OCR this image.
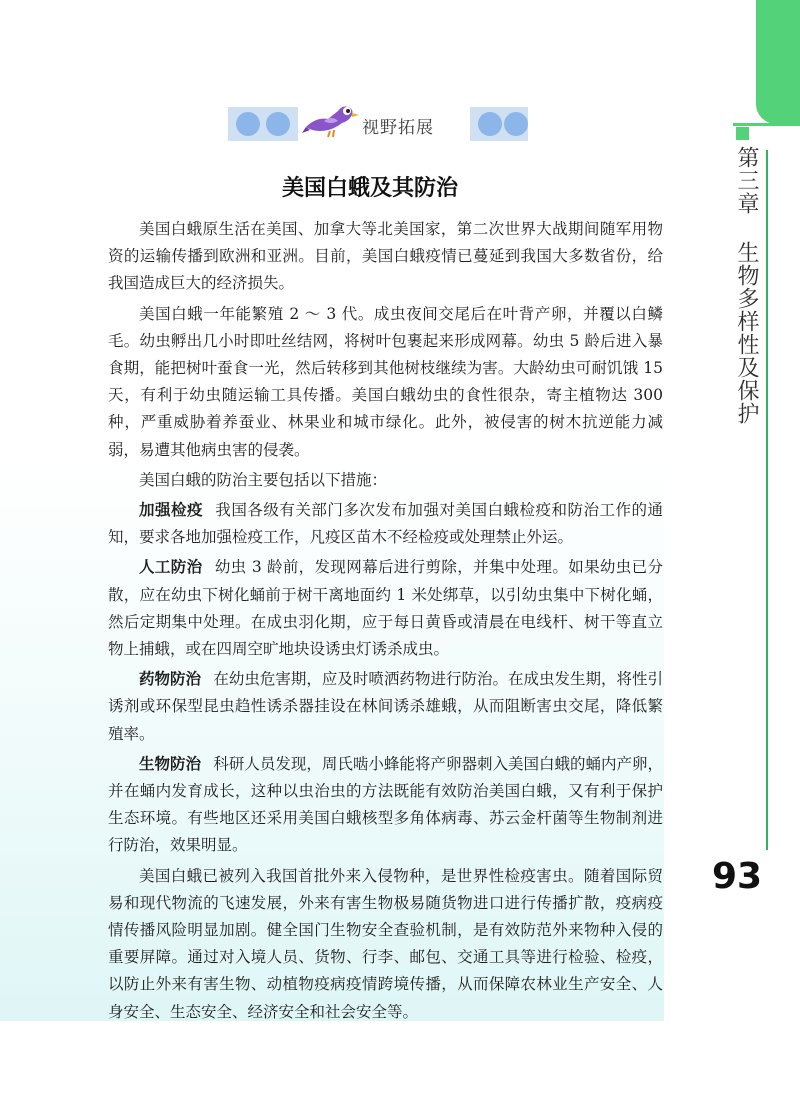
第三章 生物多样性及保护
93
视野拓展
美国白蛾及其防治

美国白蛾原生活在美国、加拿大等北美国家，第二次世界大战期间随军用物资的运输传播到欧洲和亚洲。目前，美国白蛾疫情已蔓延到我国大多数省份，给我国造成巨大的经济损失。

美国白蛾一年能繁殖 2 ～ 3 代。成虫夜间交尾后在叶背产卵，并覆以白鳞毛。幼虫孵出几小时即吐丝结网，将树叶包裹起来形成网幕。幼虫 5 龄后进入暴食期，能把树叶蚕食一光，然后转移到其他树枝继续为害。大龄幼虫可耐饥饿 15 天，有利于幼虫随运输工具传播。美国白蛾幼虫的食性很杂，寄主植物达 300 种，严重威胁着养蚕业、林果业和城市绿化。此外，被侵害的树木抗逆能力减弱，易遭其他病虫害的侵袭。

美国白蛾的防治主要包括以下措施：

加强检疫 我国各级有关部门多次发布加强对美国白蛾检疫和防治工作的通知，要求各地加强检疫工作，凡疫区苗木不经检疫或处理禁止外运。

人工防治 幼虫 3 龄前，发现网幕后进行剪除，并集中处理。如果幼虫已分散，应在幼虫下树化蛹前于树干离地面约 1 米处绑草，以引幼虫集中下树化蛹，然后定期集中处理。在成虫羽化期，应于每日黄昏或清晨在电线杆、树干等直立物上捕蛾，或在四周空旷地块设诱虫灯诱杀成虫。

药物防治 在幼虫危害期，应及时喷洒药物进行防治。在成虫发生期，将性引诱剂或环保型昆虫趋性诱杀器挂设在林间诱杀雄蛾，从而阻断害虫交尾，降低繁殖率。

生物防治 科研人员发现，周氏啮小蜂能将产卵器刺入美国白蛾的蛹内产卵，并在蛹内发育成长，这种以虫治虫的方法既能有效防治美国白蛾，又有利于保护生态环境。有些地区还采用美国白蛾核型多角体病毒、苏云金杆菌等生物制剂进行防治，效果明显。

美国白蛾已被列入我国首批外来入侵物种，是世界性检疫害虫。随着国际贸易和现代物流的飞速发展，外来有害生物极易随货物进口进行传播扩散，疫病疫情传播风险明显加剧。健全国门生物安全查验机制，是有效防范外来物种入侵的重要屏障。通过对入境人员、货物、行李、邮包、交通工具等进行检验、检疫，以防止外来有害生物、动植物疫病疫情跨境传播，从而保障农林业生产安全、人身安全、生态安全、经济安全和社会安全等。
